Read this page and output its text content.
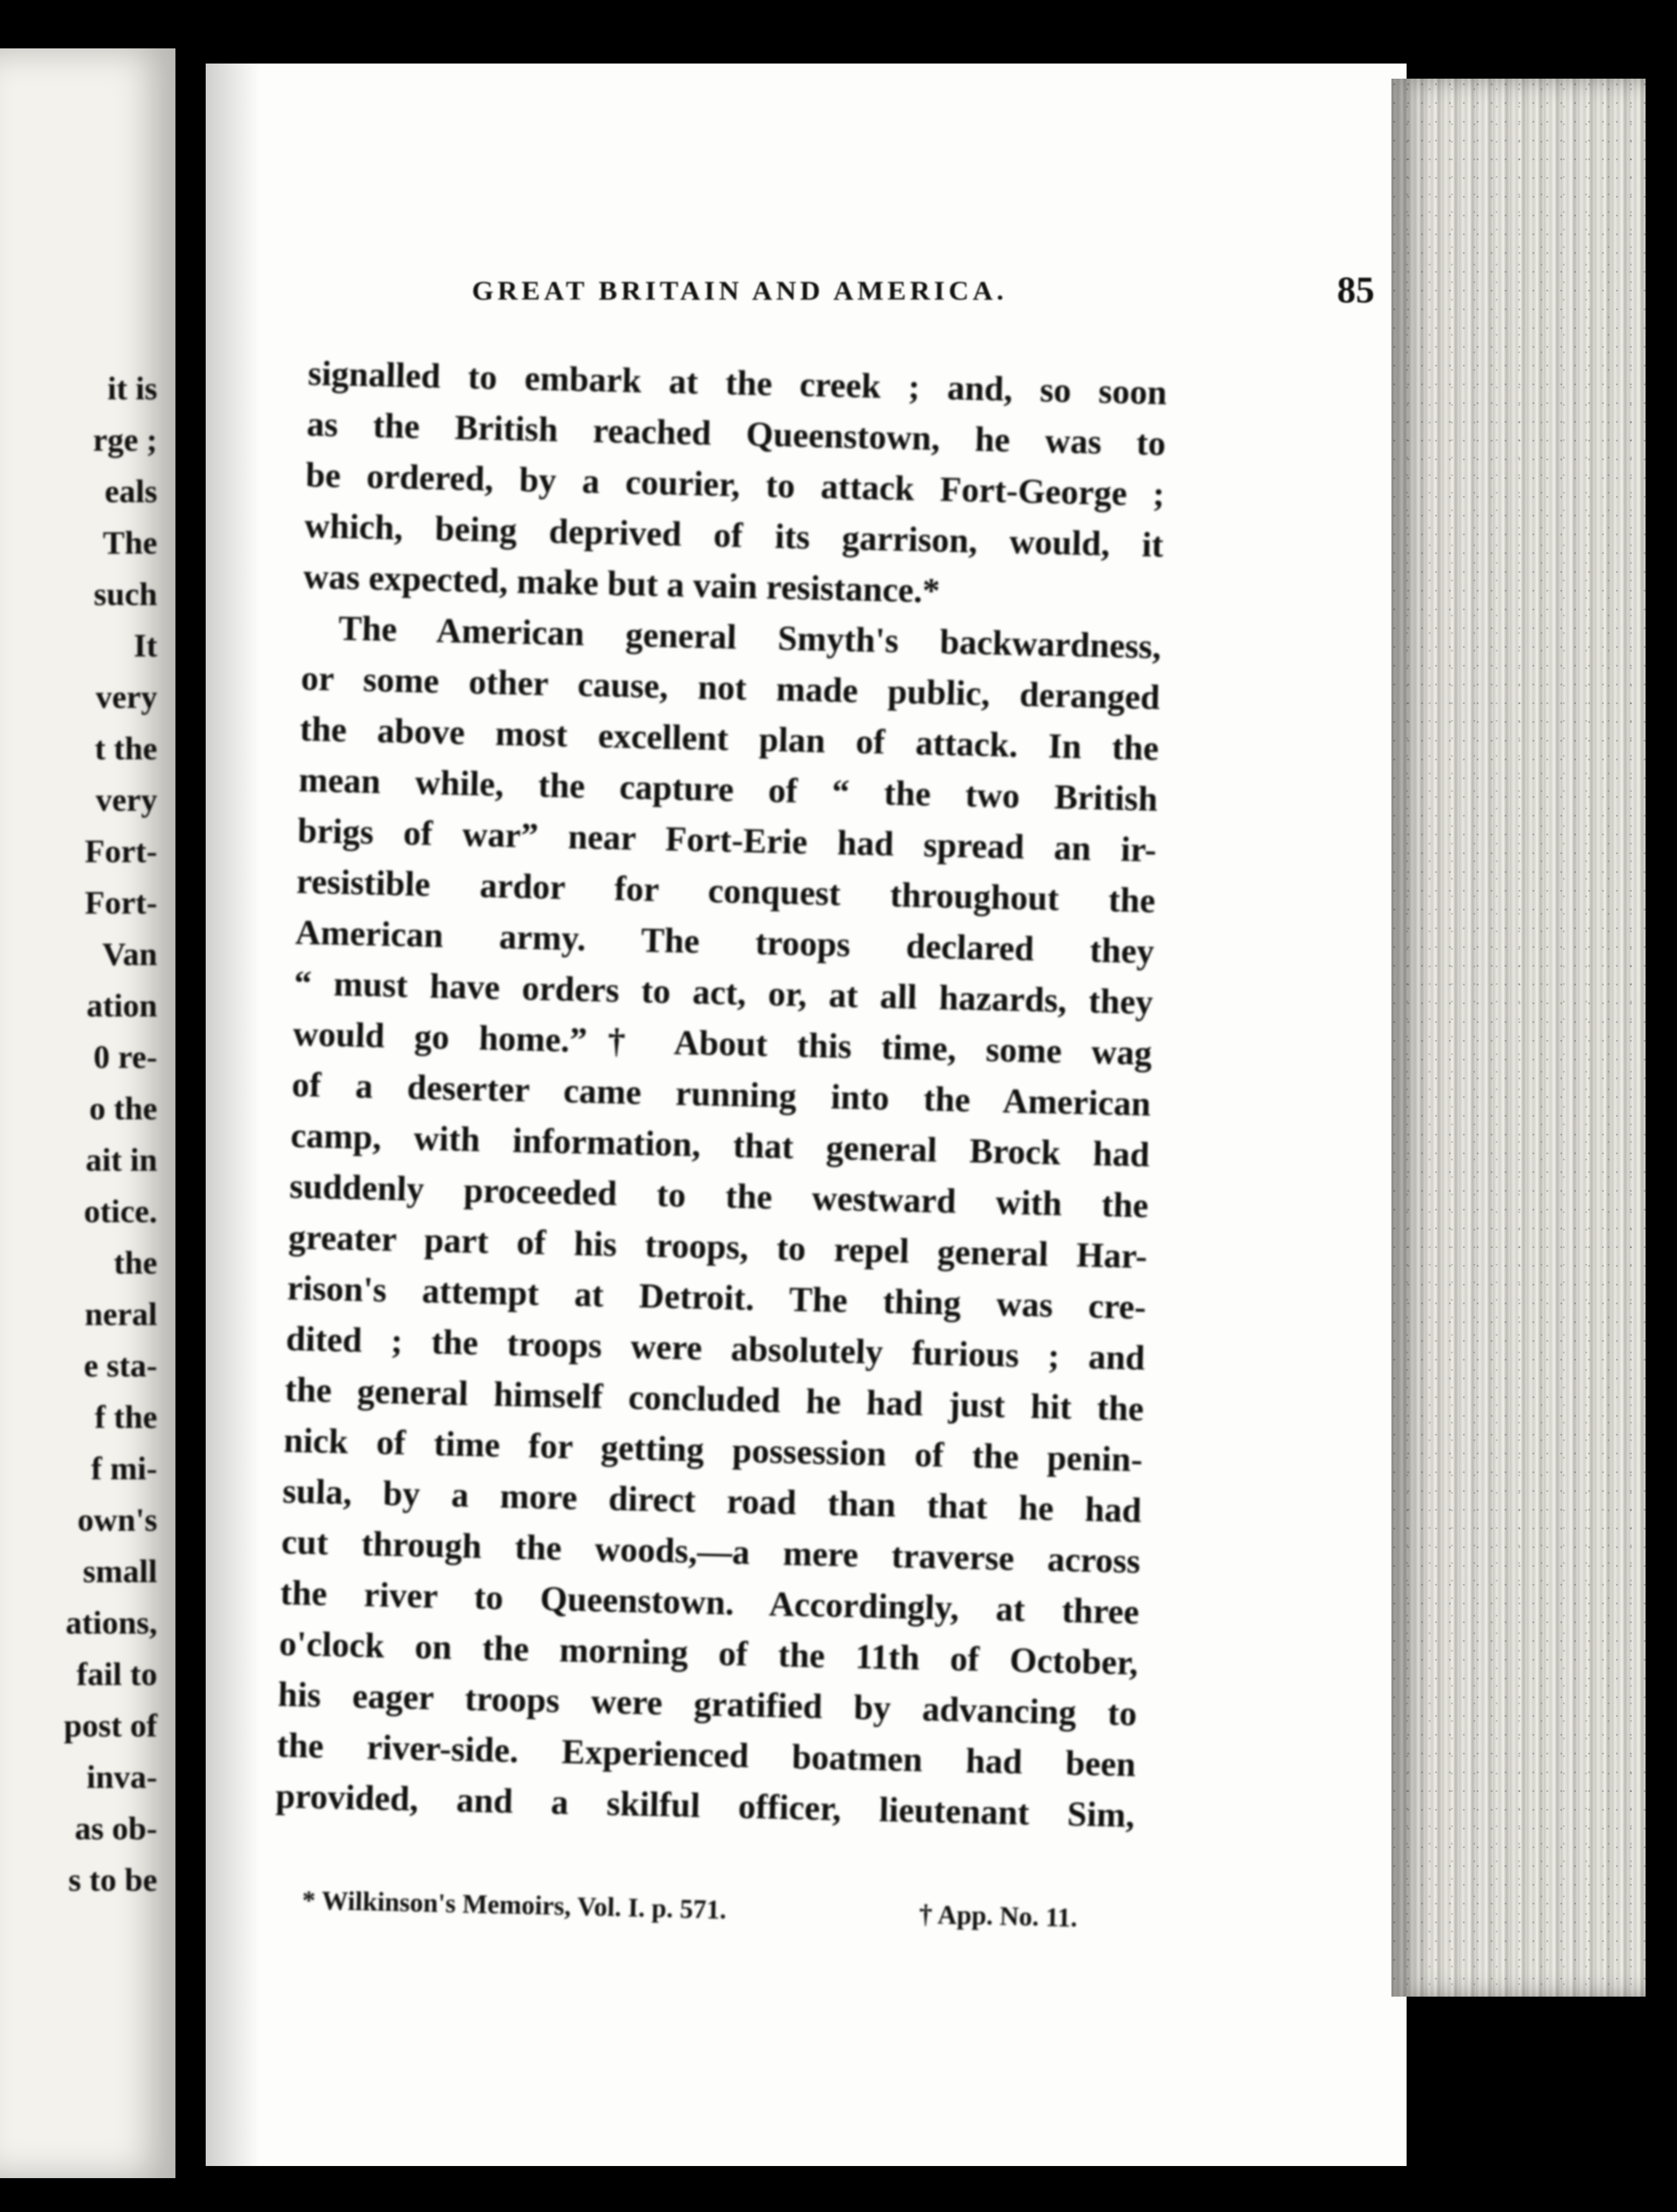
it is
rge ;
eals
The
such
It
very
t the
very
Fort-
Fort-
Van
ation
0 re-
o the
ait in
otice.
the
neral
e sta-
f the
f mi-
own's
small
ations,
fail to
post of
inva-
as ob-
s to be
GREAT BRITAIN AND AMERICA.	85
signalled to embark at the creek ; and, so soon
as the British reached Queenstown, he was to
be ordered, by a courier, to attack Fort-George ;
which, being deprived of its garrison, would, it
was expected, make but a vain resistance.*
The American general Smyth's backwardness,
or some other cause, not made public, deranged
the above most excellent plan of attack. In the
mean while, the capture of “ the two British
brigs of war” near Fort-Erie had spread an ir-
resistible ardor for conquest throughout the
American army. The troops declared they
“ must have orders to act, or, at all hazards, they
would go home.”† About this time, some wag
of a deserter came running into the American
camp, with information, that general Brock had
suddenly proceeded to the westward with the
greater part of his troops, to repel general Har-
rison's attempt at Detroit. The thing was cre-
dited ; the troops were absolutely furious ; and
the general himself concluded he had just hit the
nick of time for getting possession of the penin-
sula, by a more direct road than that he had
cut through the woods,—a mere traverse across
the river to Queenstown. Accordingly, at three
o'clock on the morning of the 11th of October,
his eager troops were gratified by advancing to
the river-side. Experienced boatmen had been
provided, and a skilful officer, lieutenant Sim,
* Wilkinson's Memoirs, Vol. I. p. 571.	† App. No. 11.
